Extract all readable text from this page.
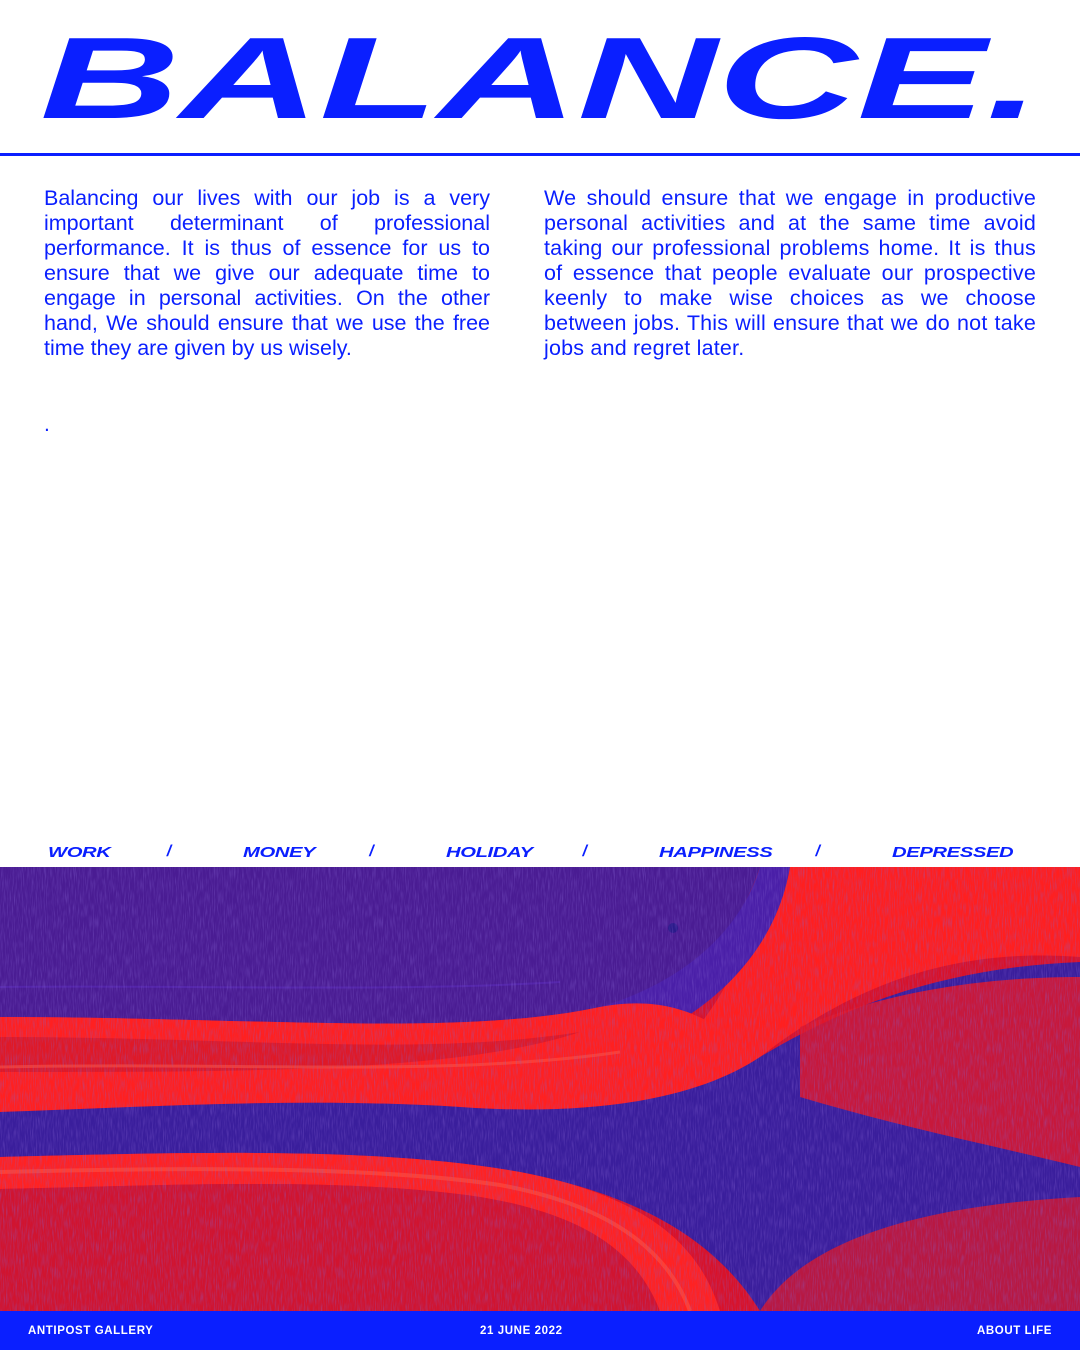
BALANCE.

Balancing our lives with our job is a very important determinant of professional performance. It is thus of essence for us to ensure that we give our adequate time to engage in personal activities. On the other hand, We should ensure that we use the free time they are given by us wisely.

We should ensure that we engage in productive personal activities and at the same time avoid taking our professional problems home. It is thus of essence that people evaluate our prospective keenly to make wise choices as we choose between jobs. This will ensure that we do not take jobs and regret later.

.
WORK	/	MONEY	/	HOLIDAY	/	HAPPINESS	/	DEPRESSED
ANTIPOST GALLERY	21 JUNE 2022	ABOUT LIFE
